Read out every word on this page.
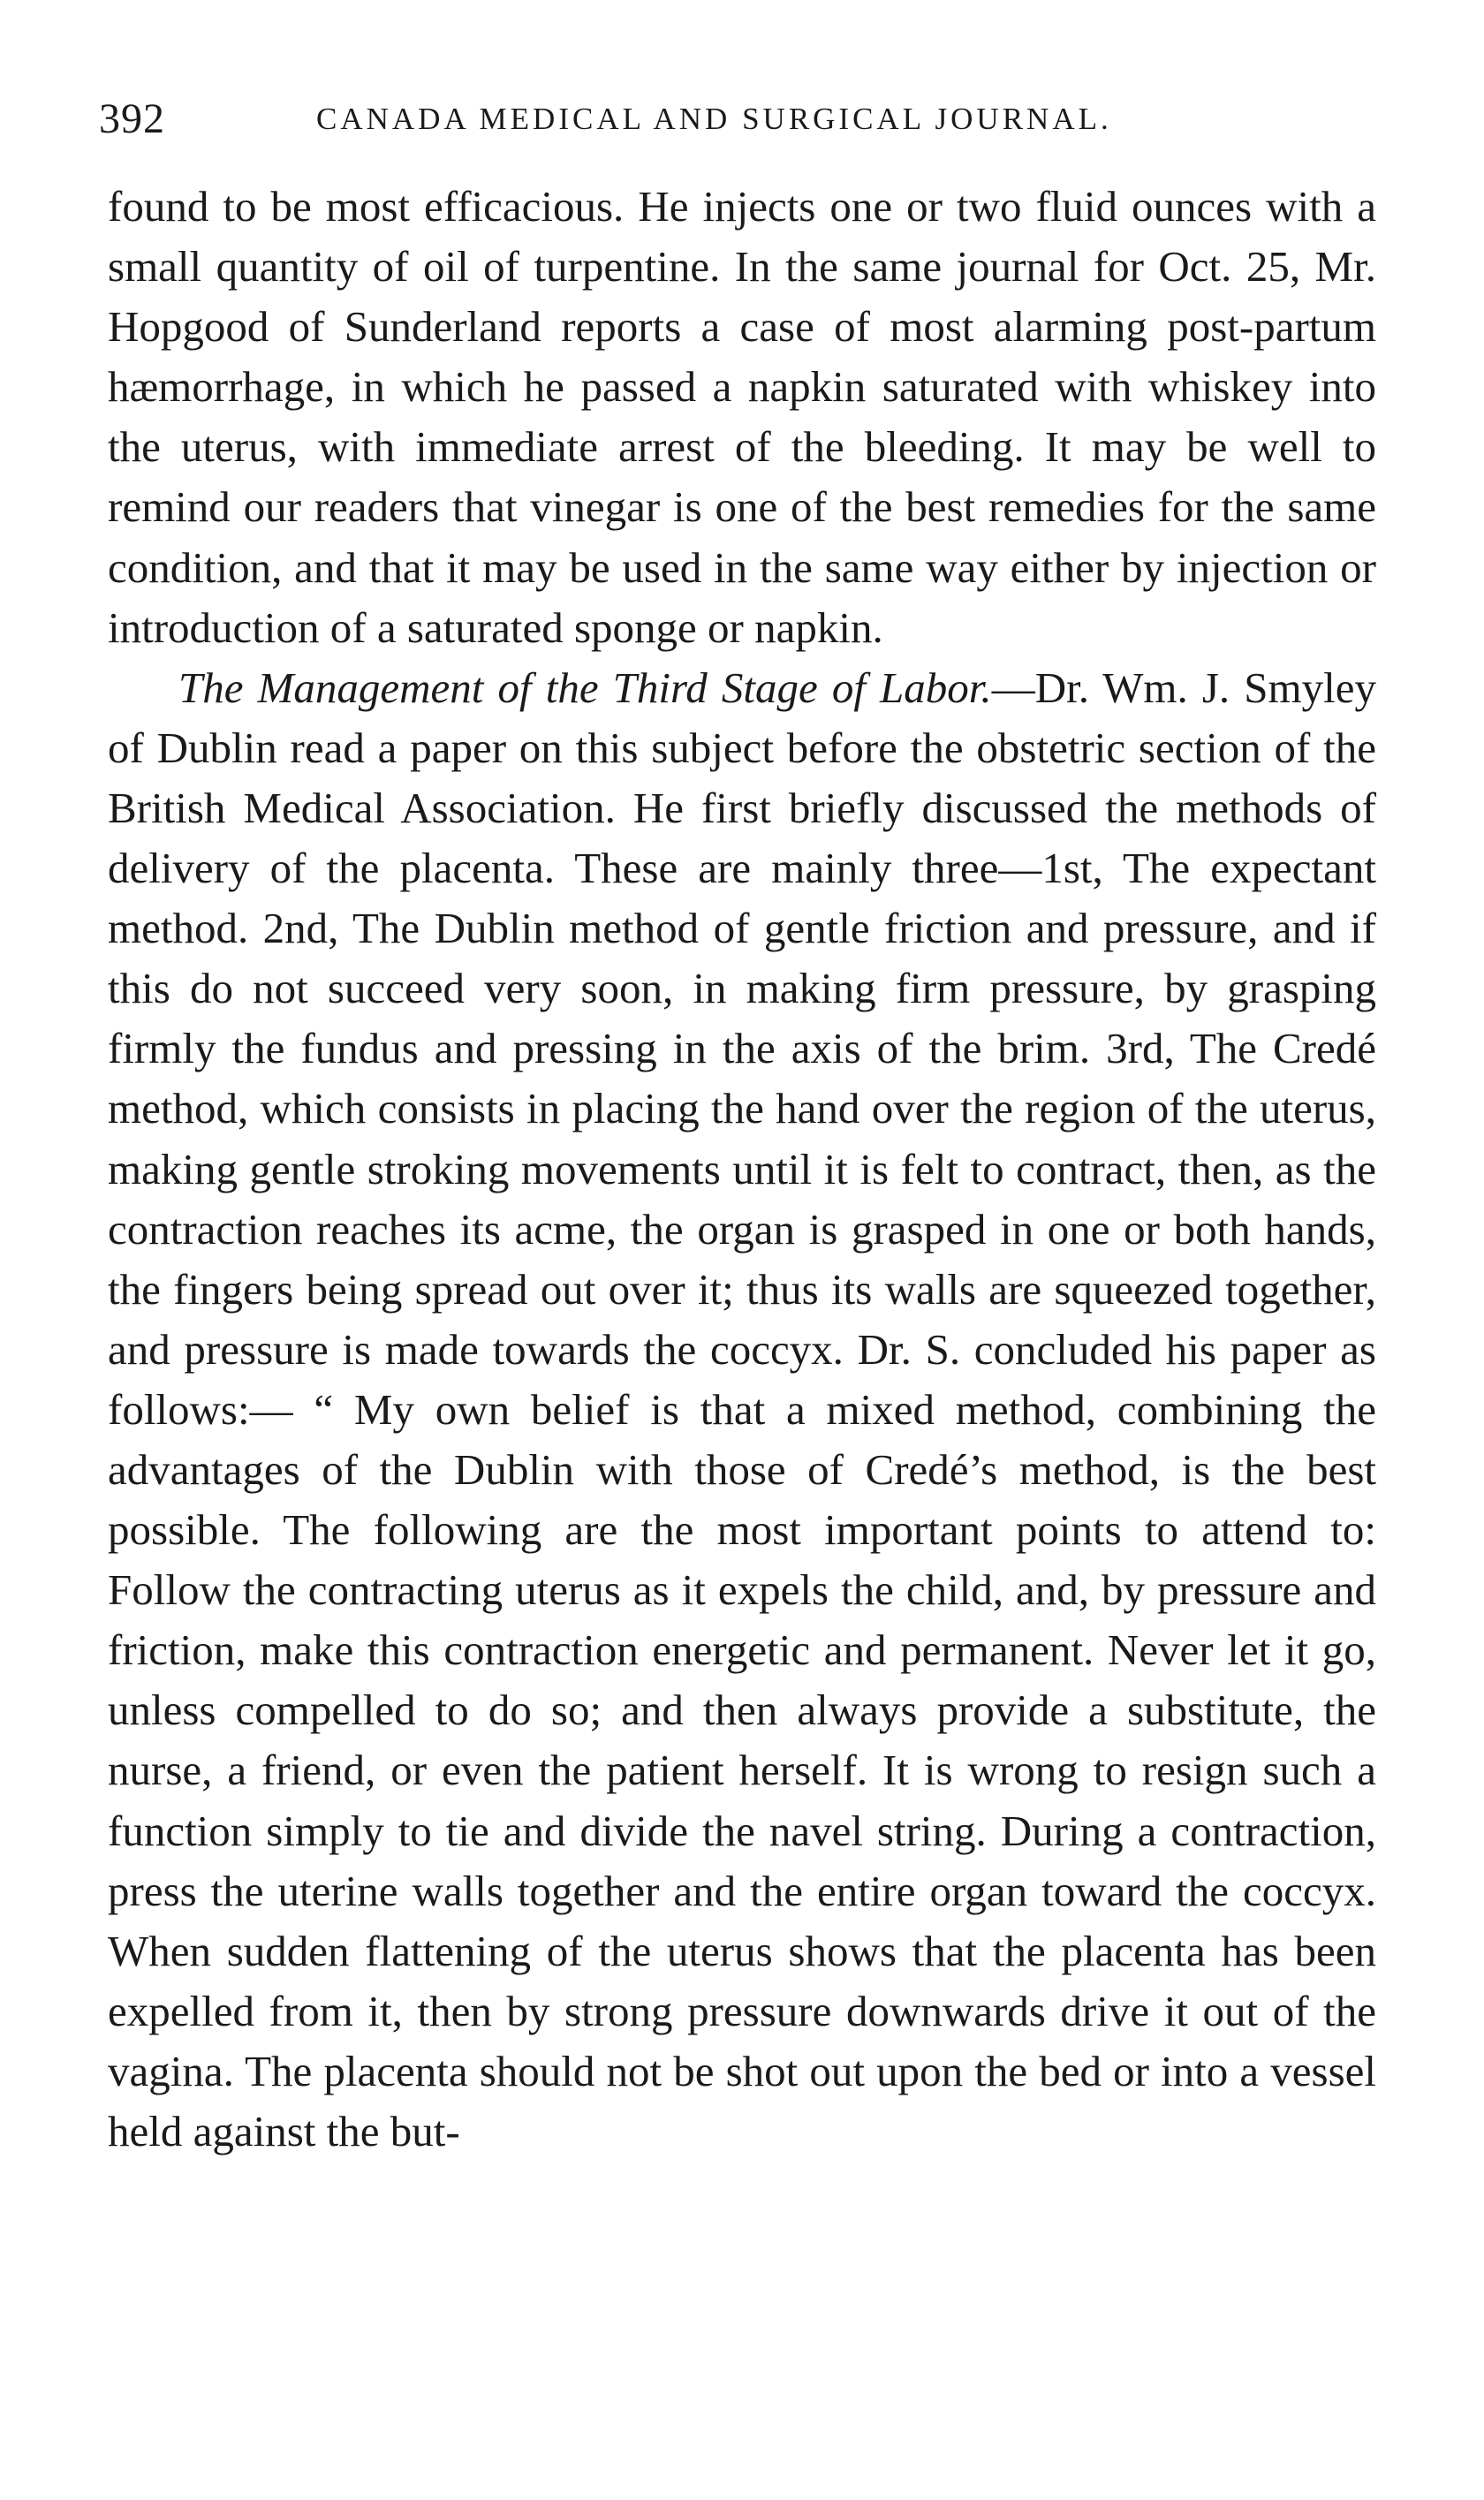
392	CANADA MEDICAL AND SURGICAL JOURNAL.

found to be most efficacious. He injects one or two fluid ounces with a small quantity of oil of turpentine. In the same journal for Oct. 25, Mr. Hopgood of Sunderland reports a case of most alarming post-partum hæmorrhage, in which he passed a napkin saturated with whiskey into the uterus, with immediate arrest of the bleeding. It may be well to remind our readers that vinegar is one of the best remedies for the same condition, and that it may be used in the same way either by injection or introduction of a saturated sponge or napkin.

The Management of the Third Stage of Labor.—Dr. Wm. J. Smyley of Dublin read a paper on this subject before the obstetric section of the British Medical Association. He first briefly discussed the methods of delivery of the placenta. These are mainly three—1st, The expectant method. 2nd, The Dublin method of gentle friction and pressure, and if this do not succeed very soon, in making firm pressure, by grasping firmly the fundus and pressing in the axis of the brim. 3rd, The Credé method, which consists in placing the hand over the region of the uterus, making gentle stroking movements until it is felt to contract, then, as the contraction reaches its acme, the organ is grasped in one or both hands, the fingers being spread out over it; thus its walls are squeezed together, and pressure is made towards the coccyx. Dr. S. concluded his paper as follows:— “ My own belief is that a mixed method, combining the advantages of the Dublin with those of Credé’s method, is the best possible. The following are the most important points to attend to: Follow the contracting uterus as it expels the child, and, by pressure and friction, make this contraction energetic and permanent. Never let it go, unless compelled to do so; and then always provide a substitute, the nurse, a friend, or even the patient herself. It is wrong to resign such a function simply to tie and divide the navel string. During a contraction, press the uterine walls together and the entire organ toward the coccyx. When sudden flattening of the uterus shows that the placenta has been expelled from it, then by strong pressure downwards drive it out of the vagina. The placenta should not be shot out upon the bed or into a vessel held against the but-
